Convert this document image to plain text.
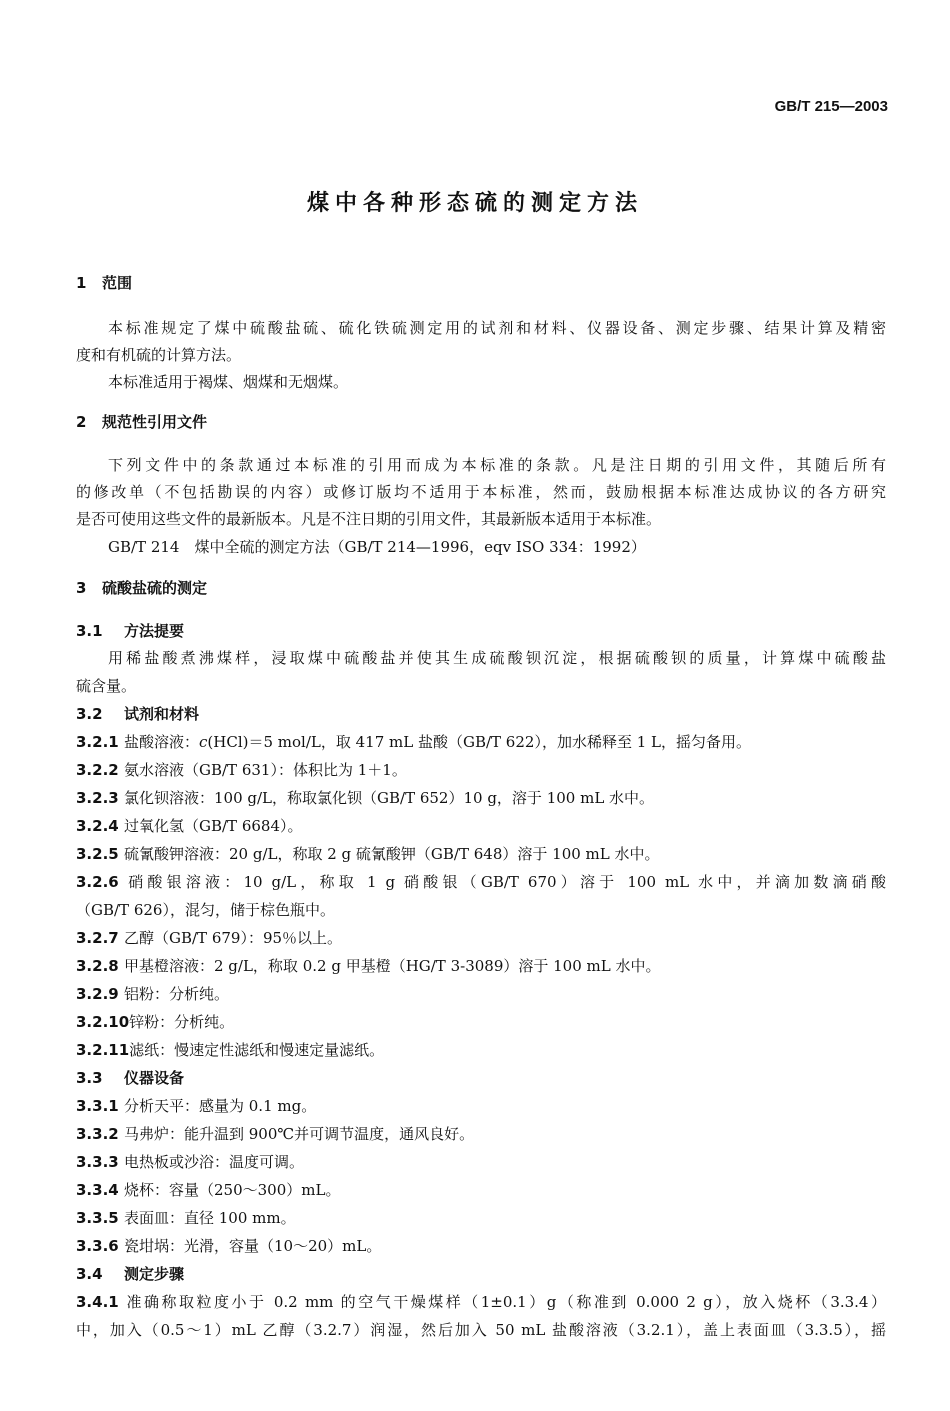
GB/T 215—2003
煤中各种形态硫的测定方法
1 范围
本标准规定了煤中硫酸盐硫、硫化铁硫测定用的试剂和材料、仪器设备、测定步骤、结果计算及精密
度和有机硫的计算方法。
本标准适用于褐煤、烟煤和无烟煤。
2 规范性引用文件
下列文件中的条款通过本标准的引用而成为本标准的条款。凡是注日期的引用文件，其随后所有
的修改单（不包括勘误的内容）或修订版均不适用于本标准，然而，鼓励根据本标准达成协议的各方研究
是否可使用这些文件的最新版本。凡是不注日期的引用文件，其最新版本适用于本标准。
GB/T 214　煤中全硫的测定方法（GB/T 214—1996，eqv ISO 334：1992）
3 硫酸盐硫的测定
3.1 方法提要
用稀盐酸煮沸煤样，浸取煤中硫酸盐并使其生成硫酸钡沉淀，根据硫酸钡的质量，计算煤中硫酸盐
硫含量。
3.2 试剂和材料
3.2.1 盐酸溶液：c(HCl)＝5 mol/L，取 417 mL 盐酸（GB/T 622），加水稀释至 1 L，摇匀备用。
3.2.2 氨水溶液（GB/T 631）：体积比为 1＋1。
3.2.3 氯化钡溶液：100 g/L，称取氯化钡（GB/T 652）10 g，溶于 100 mL 水中。
3.2.4 过氧化氢（GB/T 6684）。
3.2.5 硫氰酸钾溶液：20 g/L，称取 2 g 硫氰酸钾（GB/T 648）溶于 100 mL 水中。
3.2.6 硝酸银溶液：10 g/L，称取 1 g 硝酸银（GB/T 670）溶于 100 mL 水中，并滴加数滴硝酸
（GB/T 626），混匀，储于棕色瓶中。
3.2.7 乙醇（GB/T 679）：95％以上。
3.2.8 甲基橙溶液：2 g/L，称取 0.2 g 甲基橙（HG/T 3-3089）溶于 100 mL 水中。
3.2.9 铝粉：分析纯。
3.2.10锌粉：分析纯。
3.2.11滤纸：慢速定性滤纸和慢速定量滤纸。
3.3 仪器设备
3.3.1 分析天平：感量为 0.1 mg。
3.3.2 马弗炉：能升温到 900℃并可调节温度，通风良好。
3.3.3 电热板或沙浴：温度可调。
3.3.4 烧杯：容量（250～300）mL。
3.3.5 表面皿：直径 100 mm。
3.3.6 瓷坩埚：光滑，容量（10～20）mL。
3.4 测定步骤
3.4.1 准确称取粒度小于 0.2 mm 的空气干燥煤样（1±0.1）g（称准到 0.000 2 g），放入烧杯（3.3.4）
中，加入（0.5～1）mL 乙醇（3.2.7）润湿，然后加入 50 mL 盐酸溶液（3.2.1），盖上表面皿（3.3.5），摇
